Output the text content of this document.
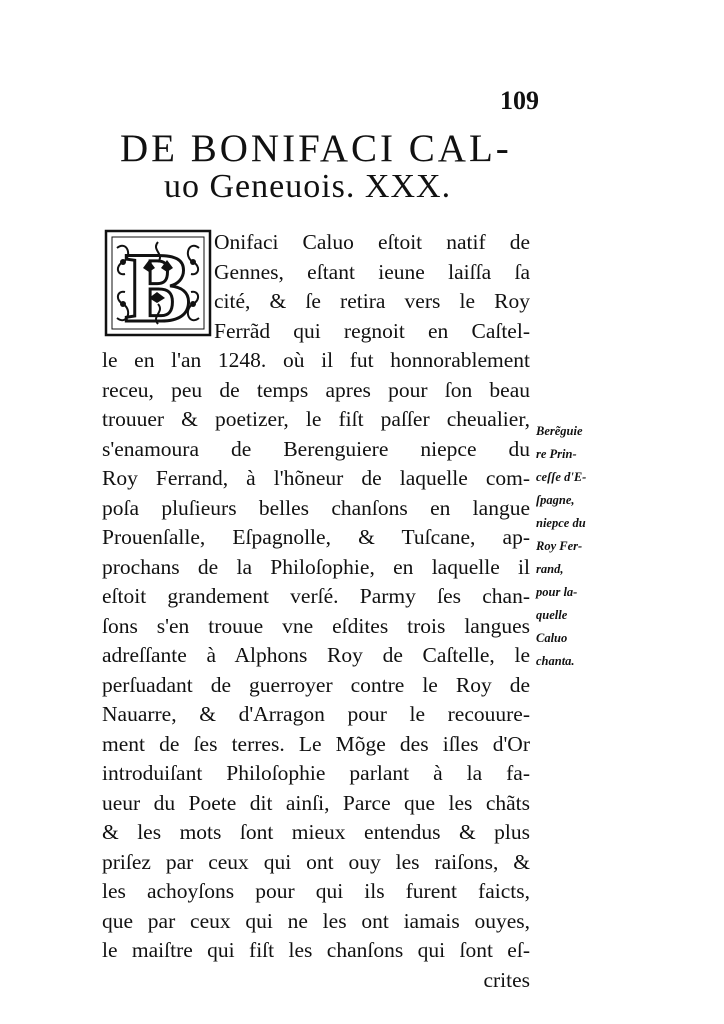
109
DE BONIFACI CAL-
uo Geneuois. XXX.
B	Onifaci Caluo eſtoit natif de
Gennes, eſtant ieune laiſſa ſa
cité, & ſe retira vers le Roy
Ferrãd qui regnoit en Caſtel-
le en l'an 1248. où il fut honnorablement
receu, peu de temps apres pour ſon beau
trouuer & poetizer, le fiſt paſſer cheualier,
s'enamoura de Berenguiere niepce du
Roy Ferrand, à l'hõneur de laquelle com-
poſa pluſieurs belles chanſons en langue
Prouenſalle, Eſpagnolle, & Tuſcane, ap-
prochans de la Philoſophie, en laquelle il
eſtoit grandement verſé. Parmy ſes chan-
ſons s'en trouue vne eſdites trois langues
adreſſante à Alphons Roy de Caſtelle, le
perſuadant de guerroyer contre le Roy de
Nauarre, & d'Arragon pour le recouure-
ment de ſes terres. Le Mõge des iſles d'Or
introduiſant Philoſophie parlant à la fa-
ueur du Poete dit ainſi, Parce que les chãts
& les mots ſont mieux entendus & plus
priſez par ceux qui ont ouy les raiſons, &
les achoyſons pour qui ils furent faicts,
que par ceux qui ne les ont iamais ouyes,
le maiſtre qui fiſt les chanſons qui ſont eſ-
crites
Berẽguie
re Prin-
ceſſe d'E-
ſpagne,
niepce du
Roy Fer-
rand,
pour la-
quelle
Caluo
chanta.
